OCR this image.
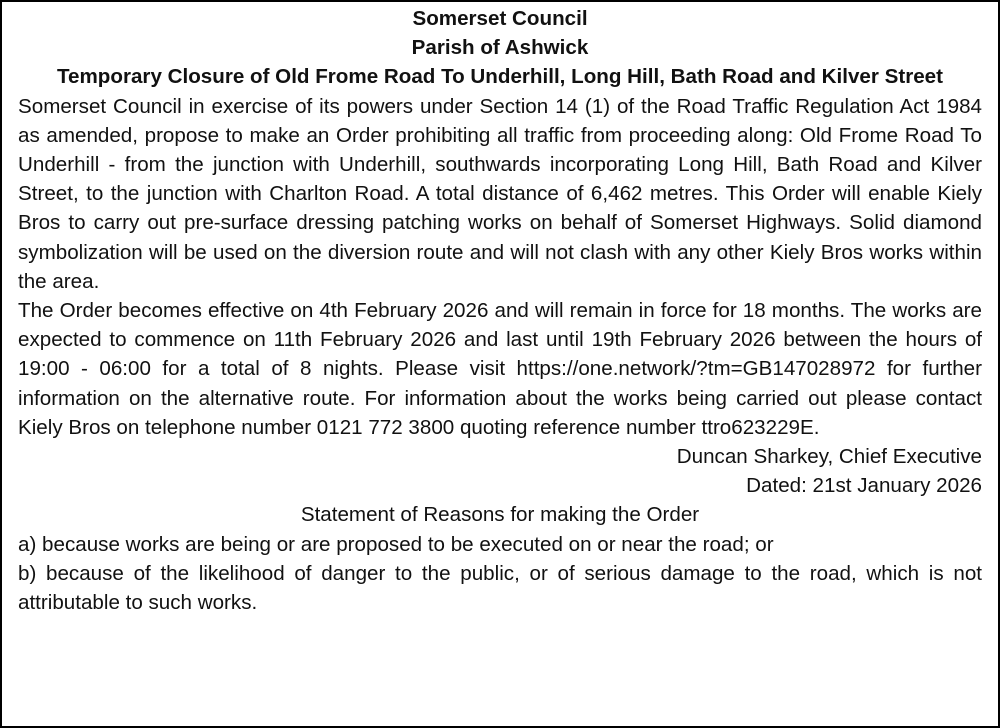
Somerset Council
Parish of Ashwick
Temporary Closure of Old Frome Road To Underhill, Long Hill, Bath Road and Kilver Street

Somerset Council in exercise of its powers under Section 14 (1) of the Road Traffic Regulation Act 1984 as amended, propose to make an Order prohibiting all traffic from proceeding along: Old Frome Road To Underhill - from the junction with Underhill, southwards incorporating Long Hill, Bath Road and Kilver Street, to the junction with Charlton Road. A total distance of 6,462 metres. This Order will enable Kiely Bros to carry out pre-surface dressing patching works on behalf of Somerset Highways. Solid diamond symbolization will be used on the diversion route and will not clash with any other Kiely Bros works within the area.

The Order becomes effective on 4th February 2026 and will remain in force for 18 months. The works are expected to commence on 11th February 2026 and last until 19th February 2026 between the hours of 19:00 - 06:00 for a total of 8 nights. Please visit https://one.network/?tm=GB147028972 for further information on the alternative route. For information about the works being carried out please contact Kiely Bros on telephone number 0121 772 3800 quoting reference number ttro623229E.

Duncan Sharkey, Chief Executive

Dated: 21st January 2026

Statement of Reasons for making the Order

a) because works are being or are proposed to be executed on or near the road; or

b) because of the likelihood of danger to the public, or of serious damage to the road, which is not attributable to such works.
